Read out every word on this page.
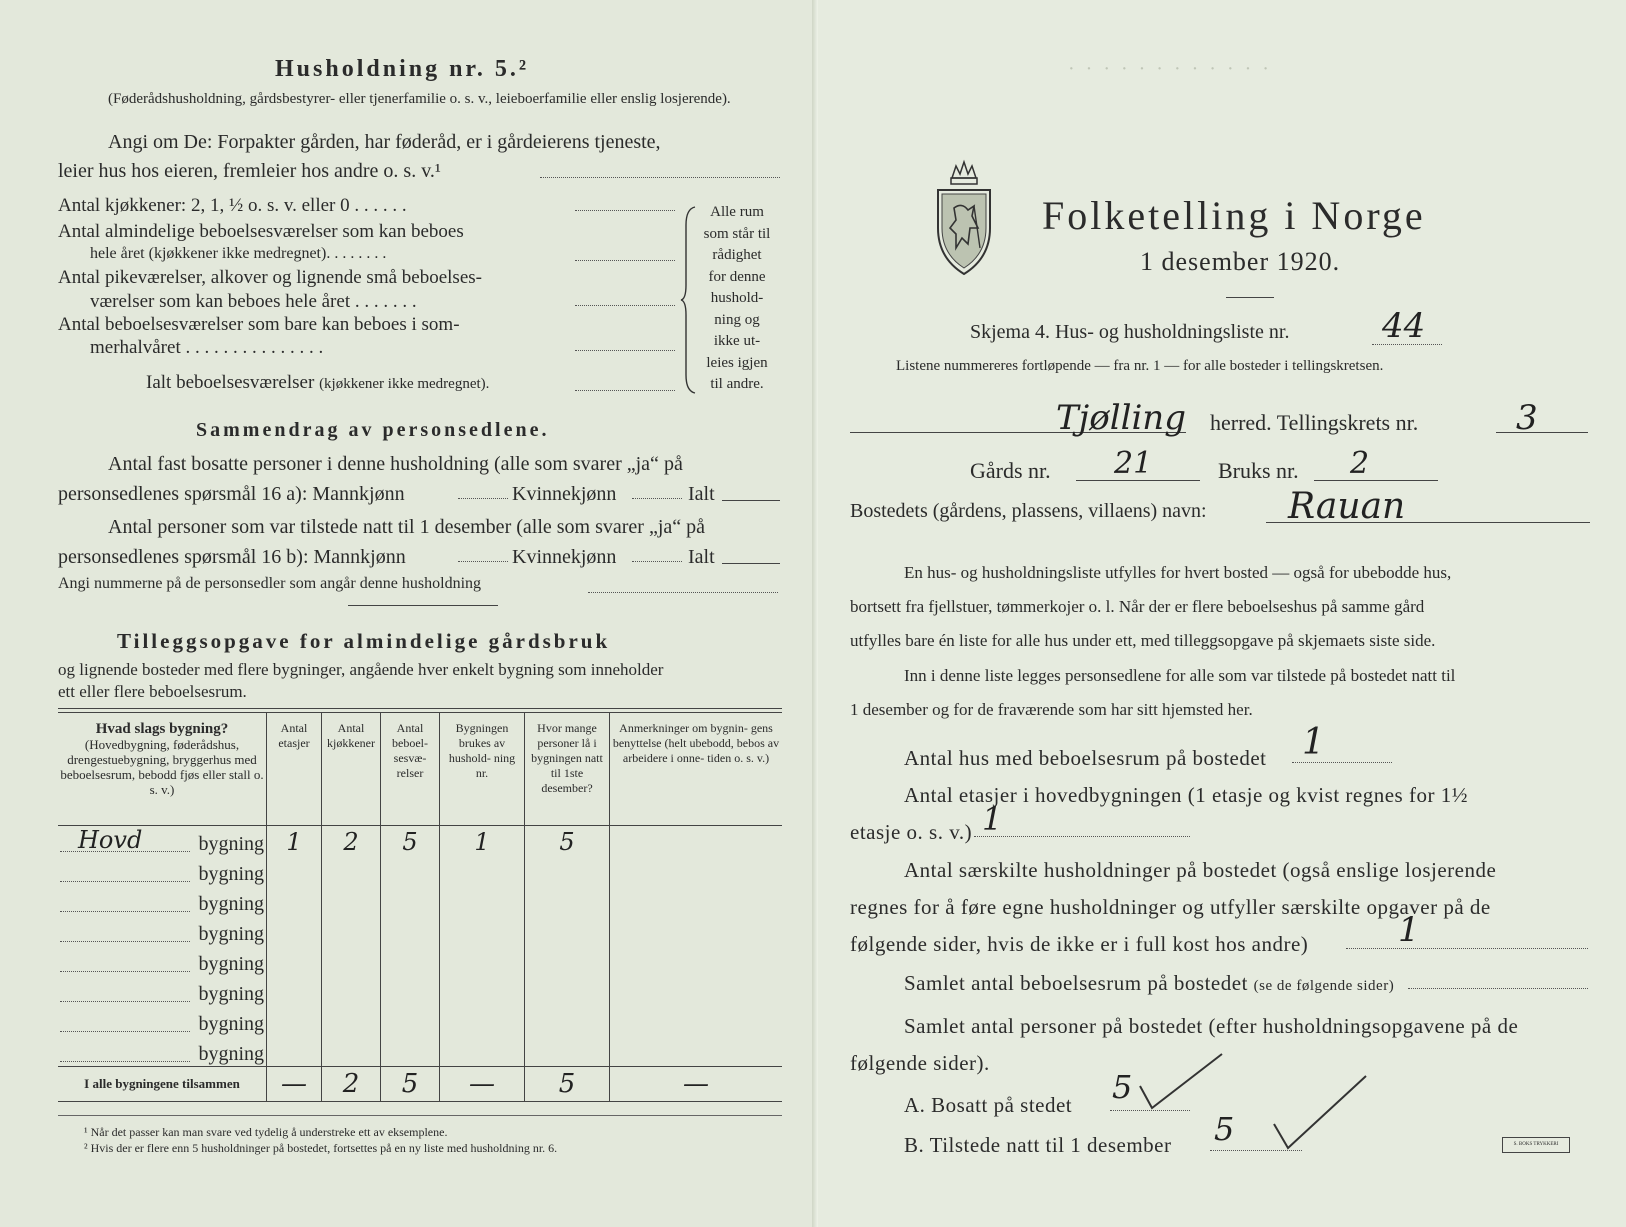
Husholdning nr. 5.²
(Føderådshusholdning, gårdsbestyrer- eller tjenerfamilie o. s. v., leieboerfamilie eller enslig losjerende).
Angi om De: Forpakter gården, har føderåd, er i gårdeierens tjeneste,
leier hus hos eieren, fremleier hos andre o. s. v.¹
Antal kjøkkener: 2, 1, ½ o. s. v. eller 0 . . . . . .
Antal almindelige beboelsesværelser som kan beboes
hele året (kjøkkener ikke medregnet). . . . . . . .
Antal pikeværelser, alkover og lignende små beboelses-
værelser som kan beboes hele året . . . . . . .
Antal beboelsesværelser som bare kan beboes i som-
merhalvåret . . . . . . . . . . . . . . .
Ialt beboelsesværelser (kjøkkener ikke medregnet).
Alle rum
som står til
rådighet
for denne
hushold-
ning og
ikke ut-
leies igjen
til andre.
Sammendrag av personsedlene.
Antal fast bosatte personer i denne husholdning (alle som svarer „ja“ på
personsedlenes spørsmål 16 a): Mannkjønn	Kvinnekjønn	Ialt
Antal personer som var tilstede natt til 1 desember (alle som svarer „ja“ på
personsedlenes spørsmål 16 b): Mannkjønn	Kvinnekjønn	Ialt
Angi nummerne på de personsedler som angår denne husholdning
Tilleggsopgave for almindelige gårdsbruk
og lignende bosteder med flere bygninger, angående hver enkelt bygning som inneholder
ett eller flere beboelsesrum.
Hvad slags bygning?
(Hovedbygning, føderådshus, drengestuebygning, bryggerhus med beboelsesrum, bebodd fjøs eller stall o. s. v.)	Antal etasjer	Antal kjøkkener	Antal beboel- sesvæ- relser	Bygningen brukes av hushold- ning nr.	Hvor mange personer lå i bygningen natt til 1ste desember?	Anmerkninger om bygnin- gens benyttelse (helt ubebodd, bebos av arbeidere i onne- tiden o. s. v.)

Hovd bygning	1	2	5	1	5	

bygning						

bygning						

bygning						

bygning						

bygning						

bygning						

bygning						

I alle bygningene tilsammen	—	2	5	—	5	—
¹ Når det passer kan man svare ved tydelig å understreke ett av eksemplene.
² Hvis der er flere enn 5 husholdninger på bostedet, fortsettes på en ny liste med husholdning nr. 6.
· · · · · · · · · · · ·
Folketelling i Norge
1 desember 1920.
Skjema 4. Hus- og husholdningsliste nr.	44
Listene nummereres fortløpende — fra nr. 1 — for alle bosteder i tellingskretsen.
Tjølling herred. Tellingskrets nr.	3
Gårds nr. 21	Bruks nr. 2
Bostedets (gårdens, plassens, villaens) navn: Rauan
En hus- og husholdningsliste utfylles for hvert bosted — også for ubebodde hus,
bortsett fra fjellstuer, tømmerkojer o. l. Når der er flere beboelseshus på samme gård
utfylles bare én liste for alle hus under ett, med tilleggsopgave på skjemaets siste side.
Inn i denne liste legges personsedlene for alle som var tilstede på bostedet natt til
1 desember og for de fraværende som har sitt hjemsted her.
Antal hus med beboelsesrum på bostedet 1
Antal etasjer i hovedbygningen (1 etasje og kvist regnes for 1½
etasje o. s. v.) 1
Antal særskilte husholdninger på bostedet (også enslige losjerende
regnes for å føre egne husholdninger og utfyller særskilte opgaver på de
følgende sider, hvis de ikke er i full kost hos andre)	1
Samlet antal beboelsesrum på bostedet (se de følgende sider)
Samlet antal personer på bostedet (efter husholdningsopgavene på de
følgende sider).
A. Bosatt på stedet 5
B. Tilstede natt til 1 desember 5	S. BOKS TRYKKERI
